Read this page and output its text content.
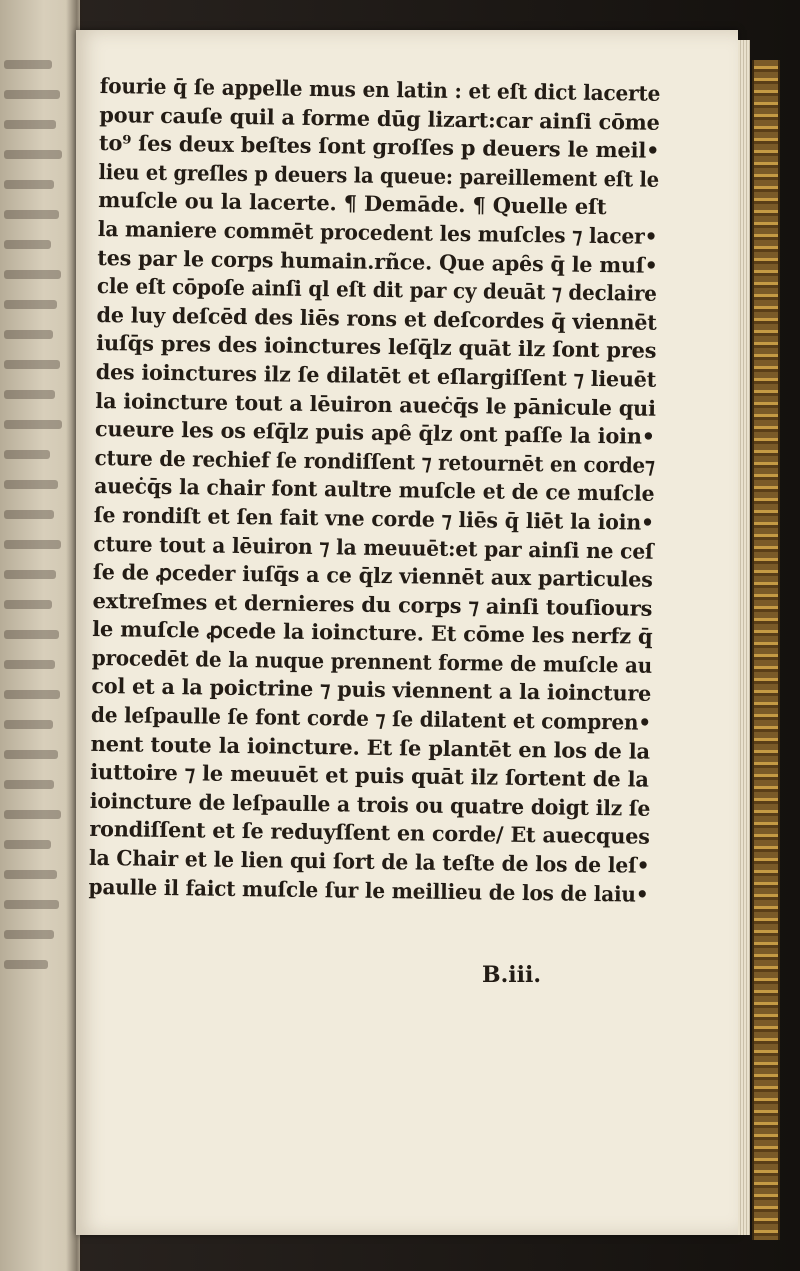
fourie q̄ ſe appelle mus en latin : et eſt dict lacerte
pour cauſe quil a forme dūg lizart:car ainſi cōme
to⁹ ſes deux beſtes ſont groſſes p deuers le meil•
lieu et greſles p deuers la queue: pareillement eſt le
muſcle ou la lacerte. ¶ Demāde. ¶ Quelle eſt
la maniere commēt procedent les muſcles ⁊ lacer•
tes par le corps humain.rñce. Que apȇs q̄ le muſ•
cle eſt cōpoſe ainſi ql eſt dit par cy deuāt ⁊ declaire
de luy deſcēd des liēs rons et deſcordes q̄ viennēt
iuſq̄s pres des ioinctures leſq̄lz quāt ilz ſont pres
des ioinctures ilz ſe dilatēt et eſlargiſſent ⁊ lieuēt
la ioincture tout a lēuiron aueċq̄s le pānicule qui
cueure les os eſq̄lz puis apȇ q̄lz ont paſſe la ioin•
cture de rechief ſe rondiſſent ⁊ retournēt en corde⁊
aueċq̄s la chair font aultre muſcle et de ce muſcle
ſe rondiſt et ſen fait vne corde ⁊ liēs q̄ liēt la ioin•
cture tout a lēuiron ⁊ la meuuēt:et par ainſi ne ceſ
ſe de ꝓceder iuſq̄s a ce q̄lz viennēt aux particules
extreſmes et dernieres du corps ⁊ ainſi touſiours
le muſcle ꝓcede la ioincture. Et cōme les nerfz q̄
procedēt de la nuque prennent forme de muſcle au
col et a la poictrine ⁊ puis viennent a la ioincture
de leſpaulle ſe font corde ⁊ ſe dilatent et compren•
nent toute la ioincture. Et ſe plantēt en los de la
iuttoire ⁊ le meuuēt et puis quāt ilz ſortent de la
ioincture de leſpaulle a trois ou quatre doigt ilz ſe
rondiſſent et ſe reduyſſent en corde/ Et auecques
la Chair et le lien qui ſort de la teſte de los de leſ•
paulle il faict muſcle ſur le meillieu de los de laiu•
B.iii.
